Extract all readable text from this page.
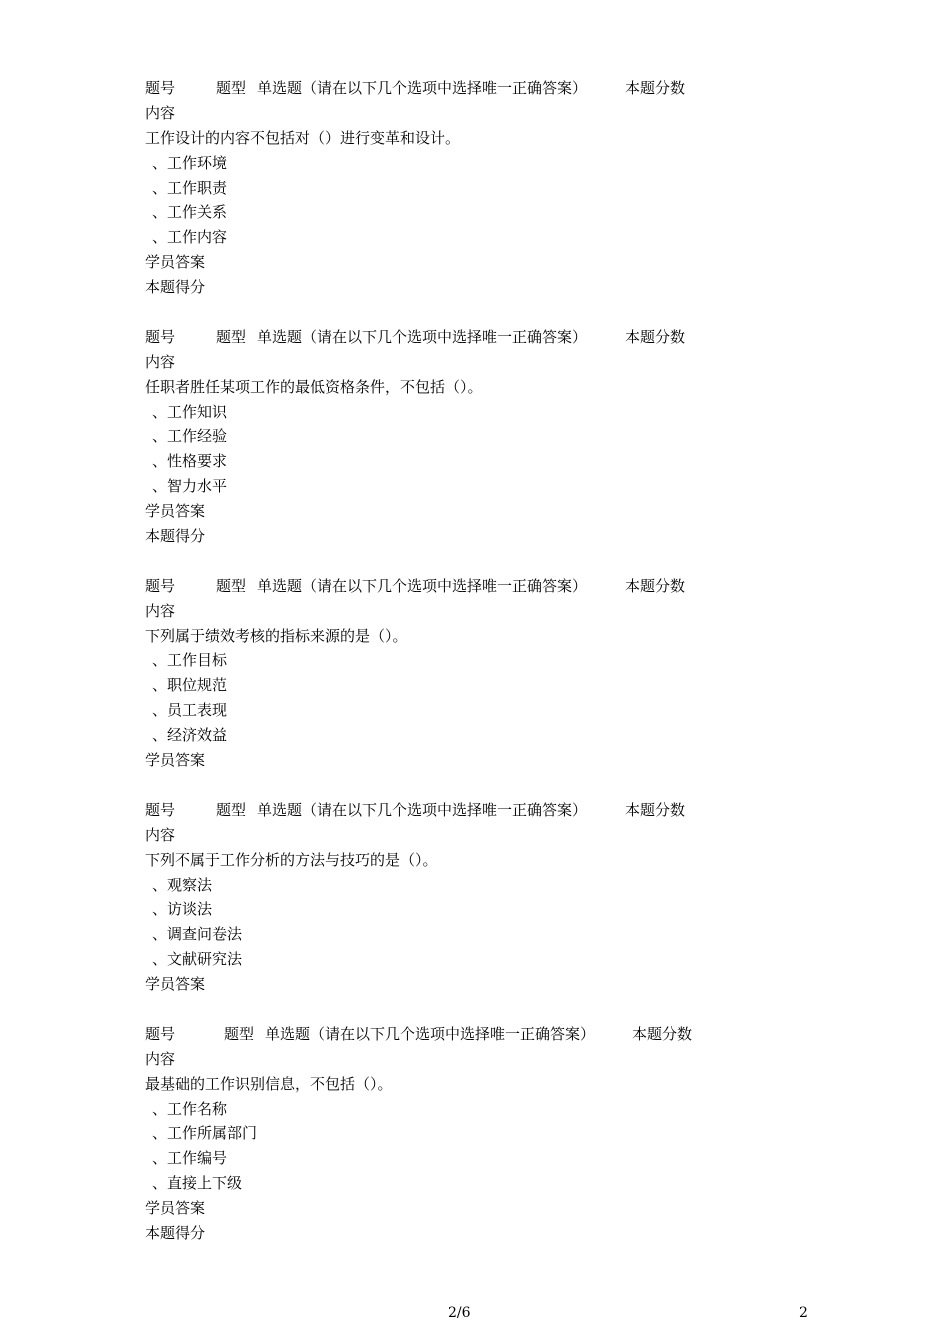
题号	题型 单选题（请在以下几个选项中选择唯一正确答案）	本题分数
内容
工作设计的内容不包括对（）进行变革和设计。
、工作环境
、工作职责
、工作关系
、工作内容
学员答案
本题得分
题号	题型 单选题（请在以下几个选项中选择唯一正确答案）	本题分数
内容
任职者胜任某项工作的最低资格条件，不包括（）。
、工作知识
、工作经验
、性格要求
、智力水平
学员答案
本题得分
题号	题型 单选题（请在以下几个选项中选择唯一正确答案）	本题分数
内容
下列属于绩效考核的指标来源的是（）。
、工作目标
、职位规范
、员工表现
、经济效益
学员答案
题号	题型 单选题（请在以下几个选项中选择唯一正确答案）	本题分数
内容
下列不属于工作分析的方法与技巧的是（）。
、观察法
、访谈法
、调查问卷法
、文献研究法
学员答案
题号	题型 单选题（请在以下几个选项中选择唯一正确答案） 本题分数
内容
最基础的工作识别信息，不包括（）。
、工作名称
、工作所属部门
、工作编号
、直接上下级
学员答案
本题得分
2/6	2
